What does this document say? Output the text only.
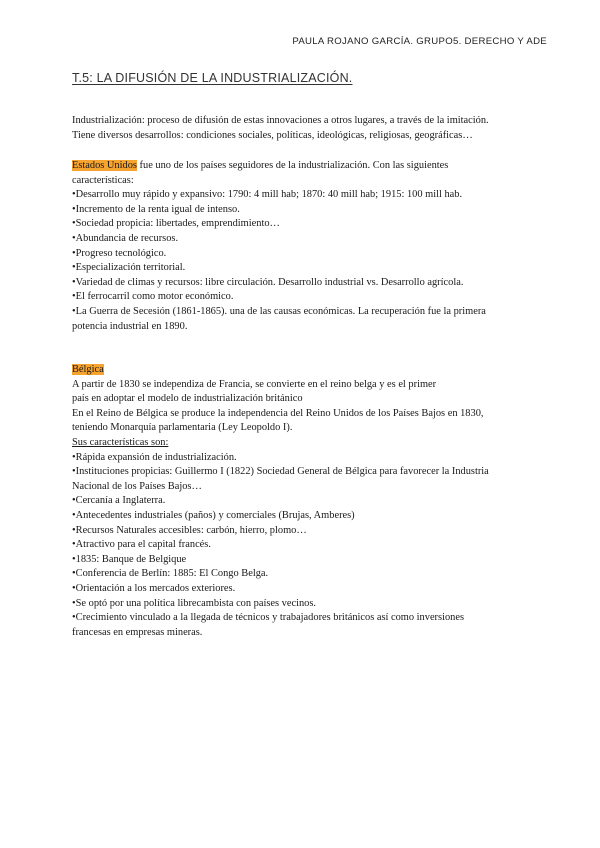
PAULA ROJANO GARCÍA. GRUPO5. DERECHO Y ADE
T.5: LA DIFUSIÓN DE LA INDUSTRIALIZACIÓN.

Industrialización: proceso de difusión de estas innovaciones a otros lugares, a través de la imitación.

Tiene diversos desarrollos: condiciones sociales, políticas, ideológicas, religiosas, geográficas…

Estados Unidos fue uno de los países seguidores de la industrialización. Con las siguientes

características:

•Desarrollo muy rápido y expansivo: 1790: 4 mill hab; 1870: 40 mill hab; 1915: 100 mill hab.

•Incremento de la renta igual de intenso.

•Sociedad propicia: libertades, emprendimiento…

•Abundancia de recursos.

•Progreso tecnológico.

•Especialización territorial.

•Variedad de climas y recursos: libre circulación. Desarrollo industrial vs. Desarrollo agrícola.

•El ferrocarril como motor económico.

•La Guerra de Secesión (1861-1865). una de las causas económicas. La recuperación fue la primera

potencia industrial en 1890.

Bélgica

A partir de 1830 se independiza de Francia, se convierte en el reino belga y es el primer

país en adoptar el modelo de industrialización británico

En el Reino de Bélgica se produce la independencia del Reino Unidos de los Países Bajos en 1830,

teniendo Monarquía parlamentaria (Ley Leopoldo I).

Sus características son:

•Rápida expansión de industrialización.

•Instituciones propicias: Guillermo I (1822) Sociedad General de Bélgica para favorecer la Industria

Nacional de los Países Bajos…

•Cercanía a Inglaterra.

•Antecedentes industriales (paños) y comerciales (Brujas, Amberes)

•Recursos Naturales accesibles: carbón, hierro, plomo…

•Atractivo para el capital francés.

•1835: Banque de Belgique

•Conferencia de Berlín: 1885: El Congo Belga.

•Orientación a los mercados exteriores.

•Se optó por una política librecambista con países vecinos.

•Crecimiento vinculado a la llegada de técnicos y trabajadores británicos así como inversiones

francesas en empresas mineras.
